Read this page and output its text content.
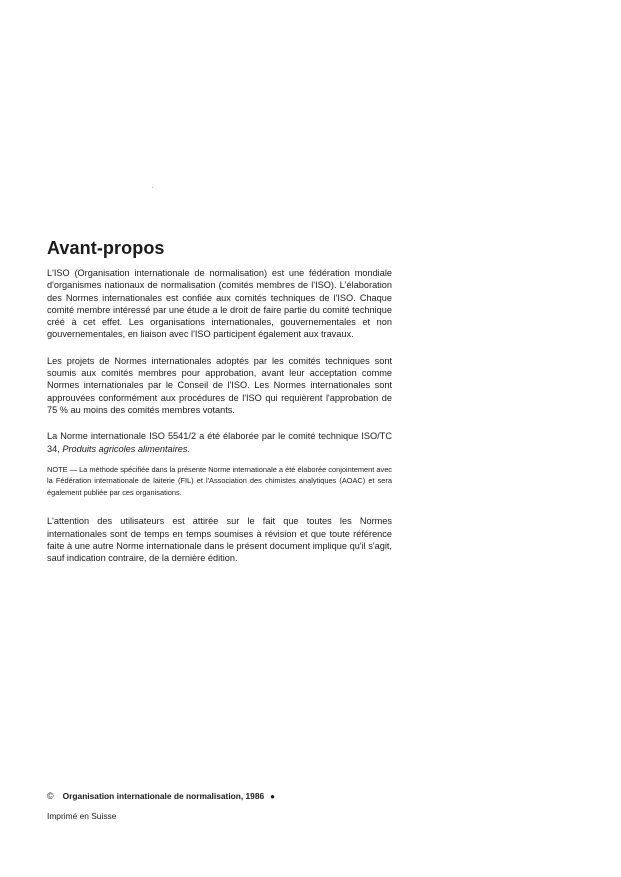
Avant-propos

L'ISO (Organisation internationale de normalisation) est une fédération mondiale d'organismes nationaux de normalisation (comités membres de l'ISO). L'élaboration des Normes internationales est confiée aux comités techniques de l'ISO. Chaque comité membre intéressé par une étude a le droit de faire partie du comité technique créé à cet effet. Les organisations internationales, gouvernementales et non gouvernementales, en liaison avec l'ISO participent également aux travaux.

Les projets de Normes internationales adoptés par les comités techniques sont soumis aux comités membres pour approbation, avant leur acceptation comme Normes internationales par le Conseil de l'ISO. Les Normes internationales sont approuvées conformément aux procédures de l'ISO qui requièrent l'approbation de 75 % au moins des comités membres votants.

La Norme internationale ISO 5541/2 a été élaborée par le comité technique ISO/TC 34, Produits agricoles alimentaires.

NOTE — La méthode spécifiée dans la présente Norme internationale a été élaborée conjointement avec la Fédération internationale de laiterie (FIL) et l'Association des chimistes analytiques (AOAC) et sera également publiée par ces organisations.

L'attention des utilisateurs est attirée sur le fait que toutes les Normes internationales sont de temps en temps soumises à révision et que toute référence faite à une autre Norme internationale dans le présent document implique qu'il s'agit, sauf indication contraire, de la dernière édition.

© Organisation internationale de normalisation, 1986 ●
Imprimé en Suisse
